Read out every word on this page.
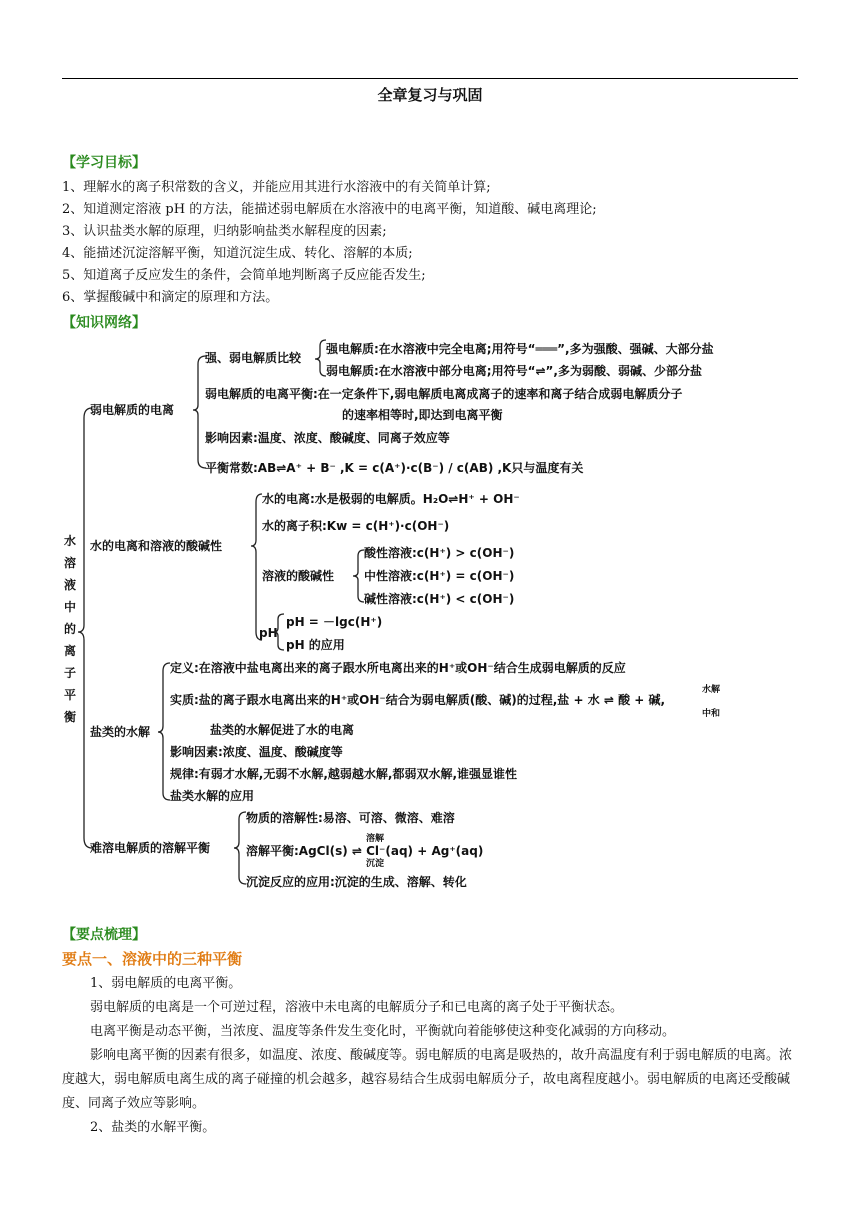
全章复习与巩固
【学习目标】
1、理解水的离子积常数的含义，并能应用其进行水溶液中的有关简单计算;
2、知道测定溶液 pH 的方法，能描述弱电解质在水溶液中的电离平衡，知道酸、碱电离理论;
3、认识盐类水解的原理，归纳影响盐类水解程度的因素;
4、能描述沉淀溶解平衡，知道沉淀生成、转化、溶解的本质;
5、知道离子反应发生的条件，会简单地判断离子反应能否发生;
6、掌握酸碱中和滴定的原理和方法。
【知识网络】
水
溶
液
中
的
离
子
平
衡
弱电解质的电离
强、弱电解质比较
强电解质:在水溶液中完全电离;用符号“═══”,多为强酸、强碱、大部分盐
弱电解质:在水溶液中部分电离;用符号“⇌”,多为弱酸、弱碱、少部分盐
弱电解质的电离平衡:在一定条件下,弱电解质电离成离子的速率和离子结合成弱电解质分子
的速率相等时,即达到电离平衡
影响因素:温度、浓度、酸碱度、同离子效应等
平衡常数:AB⇌A⁺ + B⁻ ,K = c(A⁺)·c(B⁻) / c(AB) ,K只与温度有关
水的电离和溶液的酸碱性
水的电离:水是极弱的电解质。H₂O⇌H⁺ + OH⁻
水的离子积:Kw = c(H⁺)·c(OH⁻)
溶液的酸碱性
酸性溶液:c(H⁺) > c(OH⁻)
中性溶液:c(H⁺) = c(OH⁻)
碱性溶液:c(H⁺) < c(OH⁻)
pH
pH = －lgc(H⁺)
pH 的应用
盐类的水解
定义:在溶液中盐电离出来的离子跟水所电离出来的H⁺或OH⁻结合生成弱电解质的反应
实质:盐的离子跟水电离出来的H⁺或OH⁻结合为弱电解质(酸、碱)的过程,盐 + 水 ⇌ 酸 + 碱,
水解
中和
盐类的水解促进了水的电离
影响因素:浓度、温度、酸碱度等
规律:有弱才水解,无弱不水解,越弱越水解,都弱双水解,谁强显谁性
盐类水解的应用
难溶电解质的溶解平衡
物质的溶解性:易溶、可溶、微溶、难溶
溶解平衡:AgCl(s) ⇌ Cl⁻(aq) + Ag⁺(aq)
溶解
沉淀
沉淀反应的应用:沉淀的生成、溶解、转化
【要点梳理】
要点一、溶液中的三种平衡
1、弱电解质的电离平衡。
弱电解质的电离是一个可逆过程，溶液中未电离的电解质分子和已电离的离子处于平衡状态。
电离平衡是动态平衡，当浓度、温度等条件发生变化时，平衡就向着能够使这种变化减弱的方向移动。
影响电离平衡的因素有很多，如温度、浓度、酸碱度等。弱电解质的电离是吸热的，故升高温度有利于弱电解质的电离。浓度越大，弱电解质电离生成的离子碰撞的机会越多，越容易结合生成弱电解质分子，故电离程度越小。弱电解质的电离还受酸碱度、同离子效应等影响。
2、盐类的水解平衡。
